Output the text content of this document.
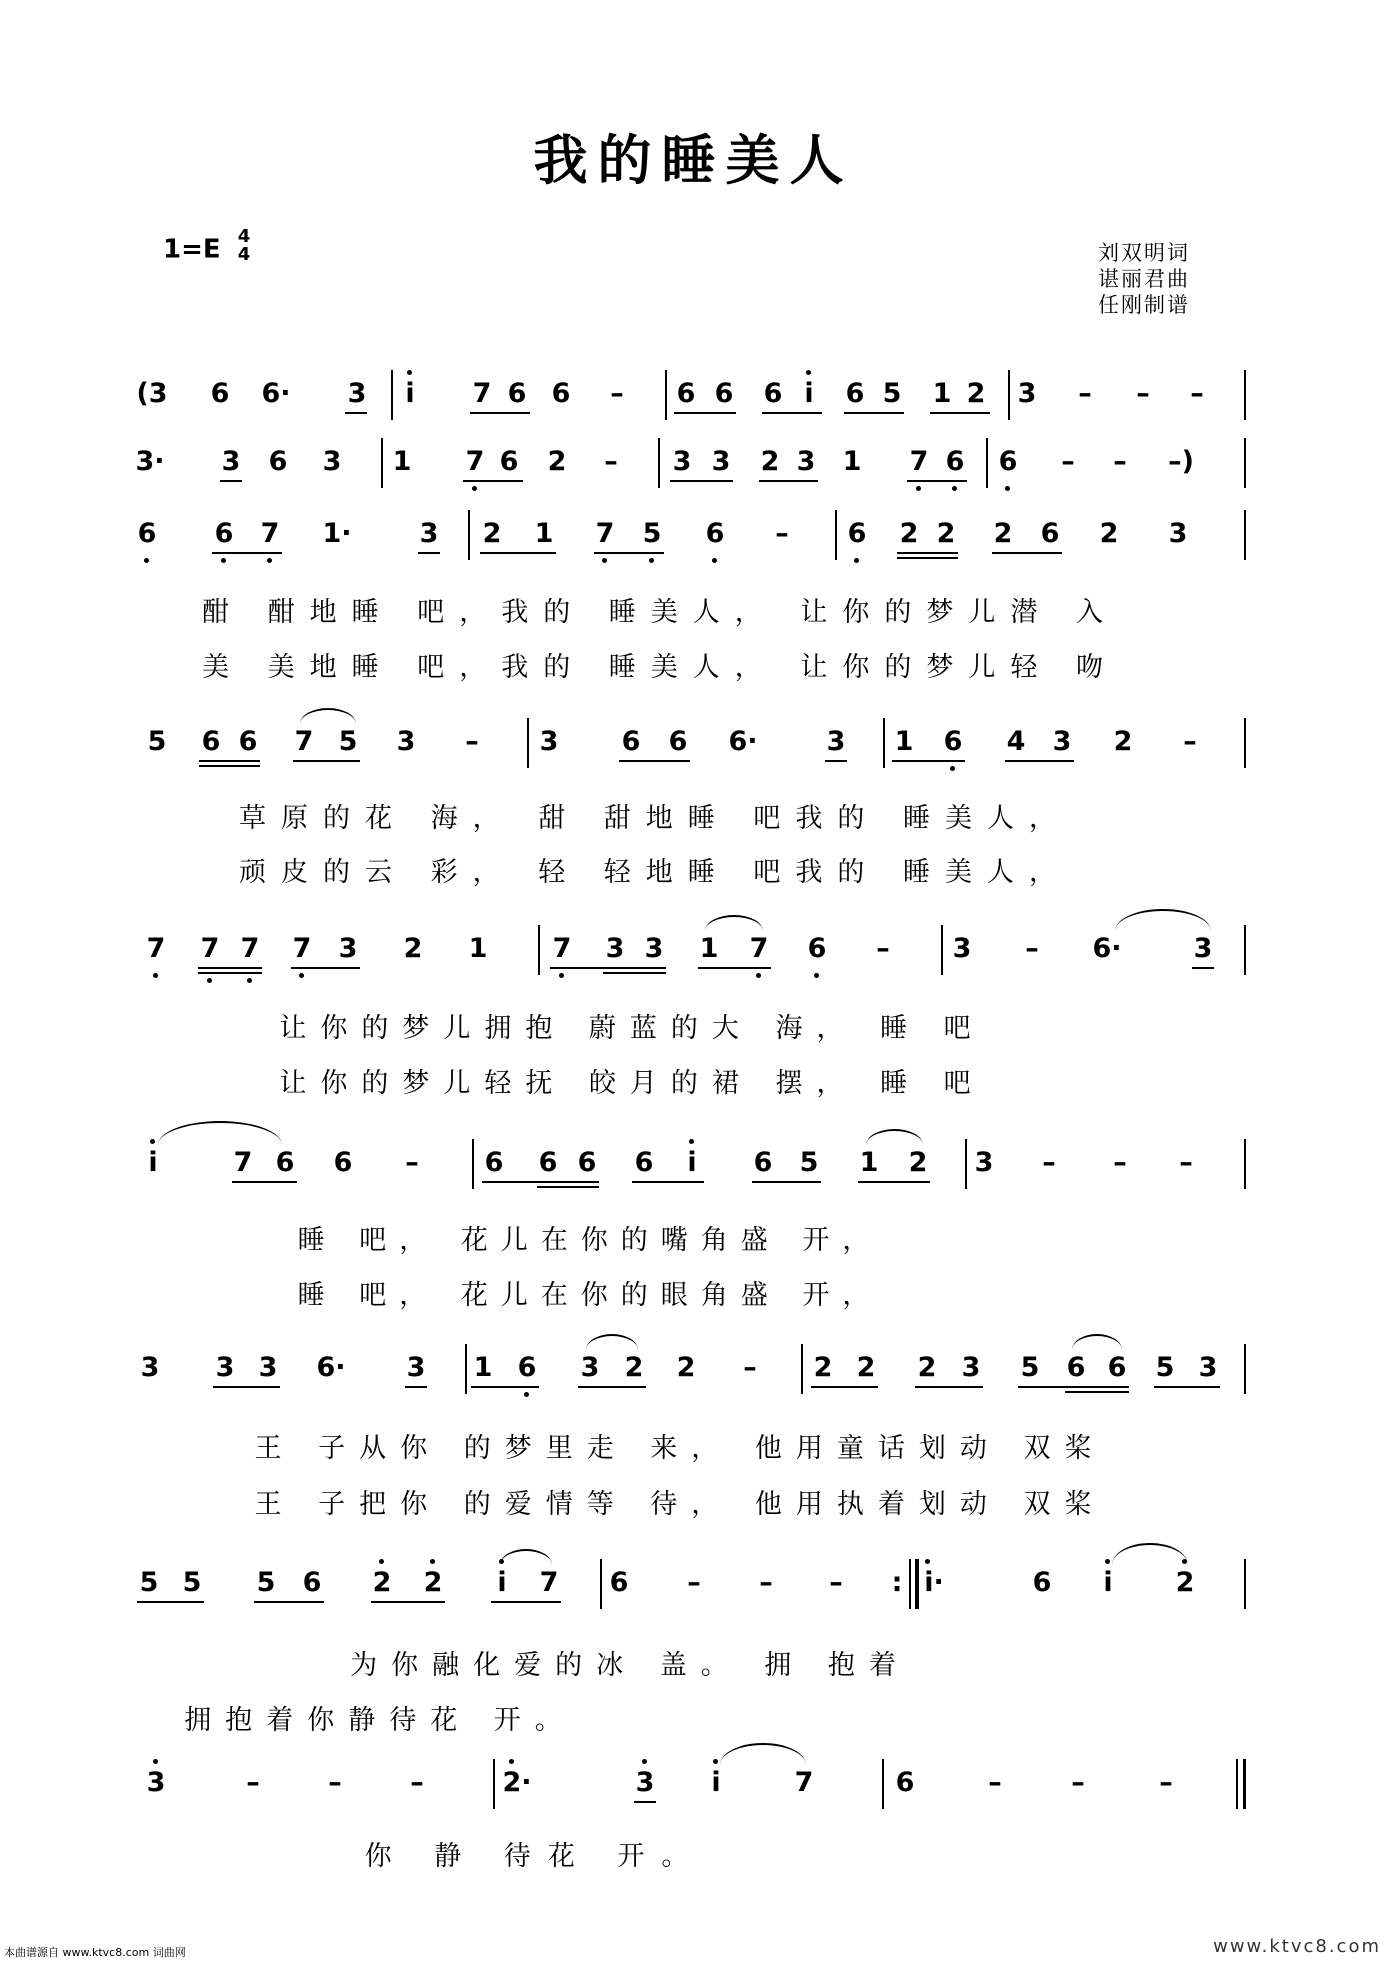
我的睡美人
1=E 4
4	刘双明词
谌丽君曲
任刚制谱
(3 6 6· 3 i 7 6 6 – 6 6 6 i 6 5 1 2 3 – – –
3· 3 6 3 1 7 6 2 – 3 3 2 3 1 7 6 6 – – –)
6 6 7 1·	3 2 1 7 5 6 – 6 2 2 2 6 2 3
酣 酣地睡 吧，我的 睡美人， 让你的梦儿潜 入
美 美地睡 吧，我的 睡美人， 让你的梦儿轻 吻
5 6 6 7 5 3 – 3 6 6 6·	3 1 6 4 3 2 –
草原的花 海， 甜 甜地睡 吧我的 睡美人，
顽皮的云 彩， 轻 轻地睡 吧我的 睡美人，
7 7 7 7 3 2 1 7 3 3 1 7 6 – 3 – 6·	3
让你的梦儿拥抱 蔚蓝的大 海， 睡 吧
让你的梦儿轻抚 皎月的裙 摆， 睡 吧
i	7 6 6 – 6 6 6 6 i 6 5 1 2 3 – – –
睡 吧， 花儿在你的嘴角盛 开，
睡 吧， 花儿在你的眼角盛 开，
3 3 3 6· 3 1 6 3 2 2 – 2 2 2 3 5 6 6 5 3
王 子从你 的梦里走 来， 他用童话划动 双桨
王 子把你 的爱情等 待， 他用执着划动 双桨
5 5 5 6 2 2 i 7 6 – – – : i·	6 i 2
为你融化爱的冰 盖。 拥 抱着
拥抱着你静待花 开。
3	–	–	–	2·	3 i	7	6	–	–	–
你 静 待花 开。
本曲谱源自 www.ktvc8.com 词曲网	www.ktvc8.com
